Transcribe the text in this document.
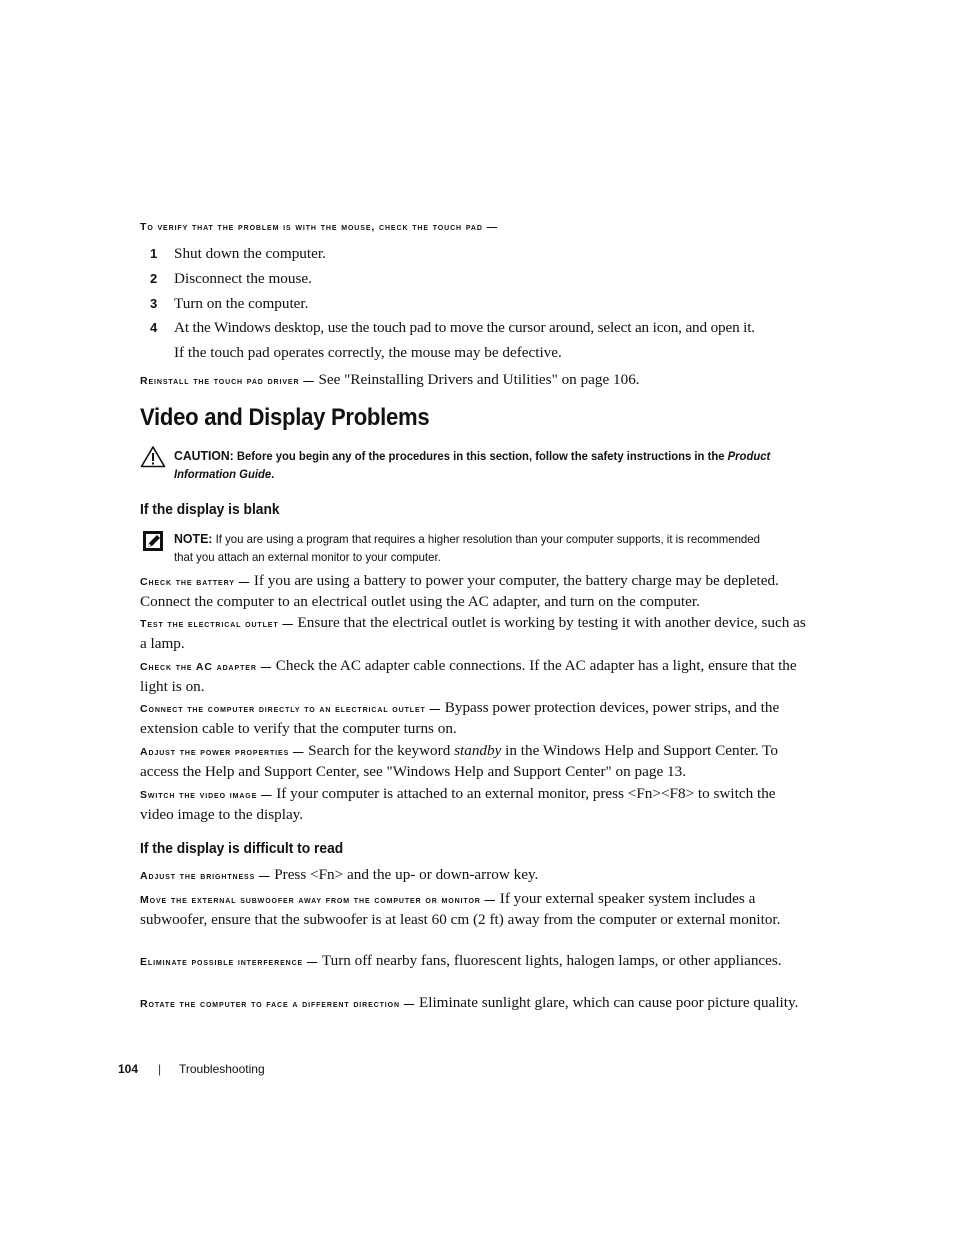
To verify that the problem is with the mouse, check the touch pad —
1 Shut down the computer.
2 Disconnect the mouse.
3 Turn on the computer.
4 At the Windows desktop, use the touch pad to move the cursor around, select an icon, and open it.
If the touch pad operates correctly, the mouse may be defective.
Reinstall the touch pad driver — See "Reinstalling Drivers and Utilities" on page 106.
Video and Display Problems
CAUTION: Before you begin any of the procedures in this section, follow the safety instructions in the Product Information Guide.
If the display is blank
NOTE: If you are using a program that requires a higher resolution than your computer supports, it is recommended that you attach an external monitor to your computer.
Check the battery — If you are using a battery to power your computer, the battery charge may be depleted. Connect the computer to an electrical outlet using the AC adapter, and turn on the computer.
Test the electrical outlet — Ensure that the electrical outlet is working by testing it with another device, such as a lamp.
Check the AC adapter — Check the AC adapter cable connections. If the AC adapter has a light, ensure that the light is on.
Connect the computer directly to an electrical outlet — Bypass power protection devices, power strips, and the extension cable to verify that the computer turns on.
Adjust the power properties — Search for the keyword standby in the Windows Help and Support Center. To access the Help and Support Center, see "Windows Help and Support Center" on page 13.
Switch the video image — If your computer is attached to an external monitor, press <Fn><F8> to switch the video image to the display.
If the display is difficult to read
Adjust the brightness — Press <Fn> and the up- or down-arrow key.
Move the external subwoofer away from the computer or monitor — If your external speaker system includes a subwoofer, ensure that the subwoofer is at least 60 cm (2 ft) away from the computer or external monitor.
Eliminate possible interference — Turn off nearby fans, fluorescent lights, halogen lamps, or other appliances.
Rotate the computer to face a different direction — Eliminate sunlight glare, which can cause poor picture quality.
104 | Troubleshooting
